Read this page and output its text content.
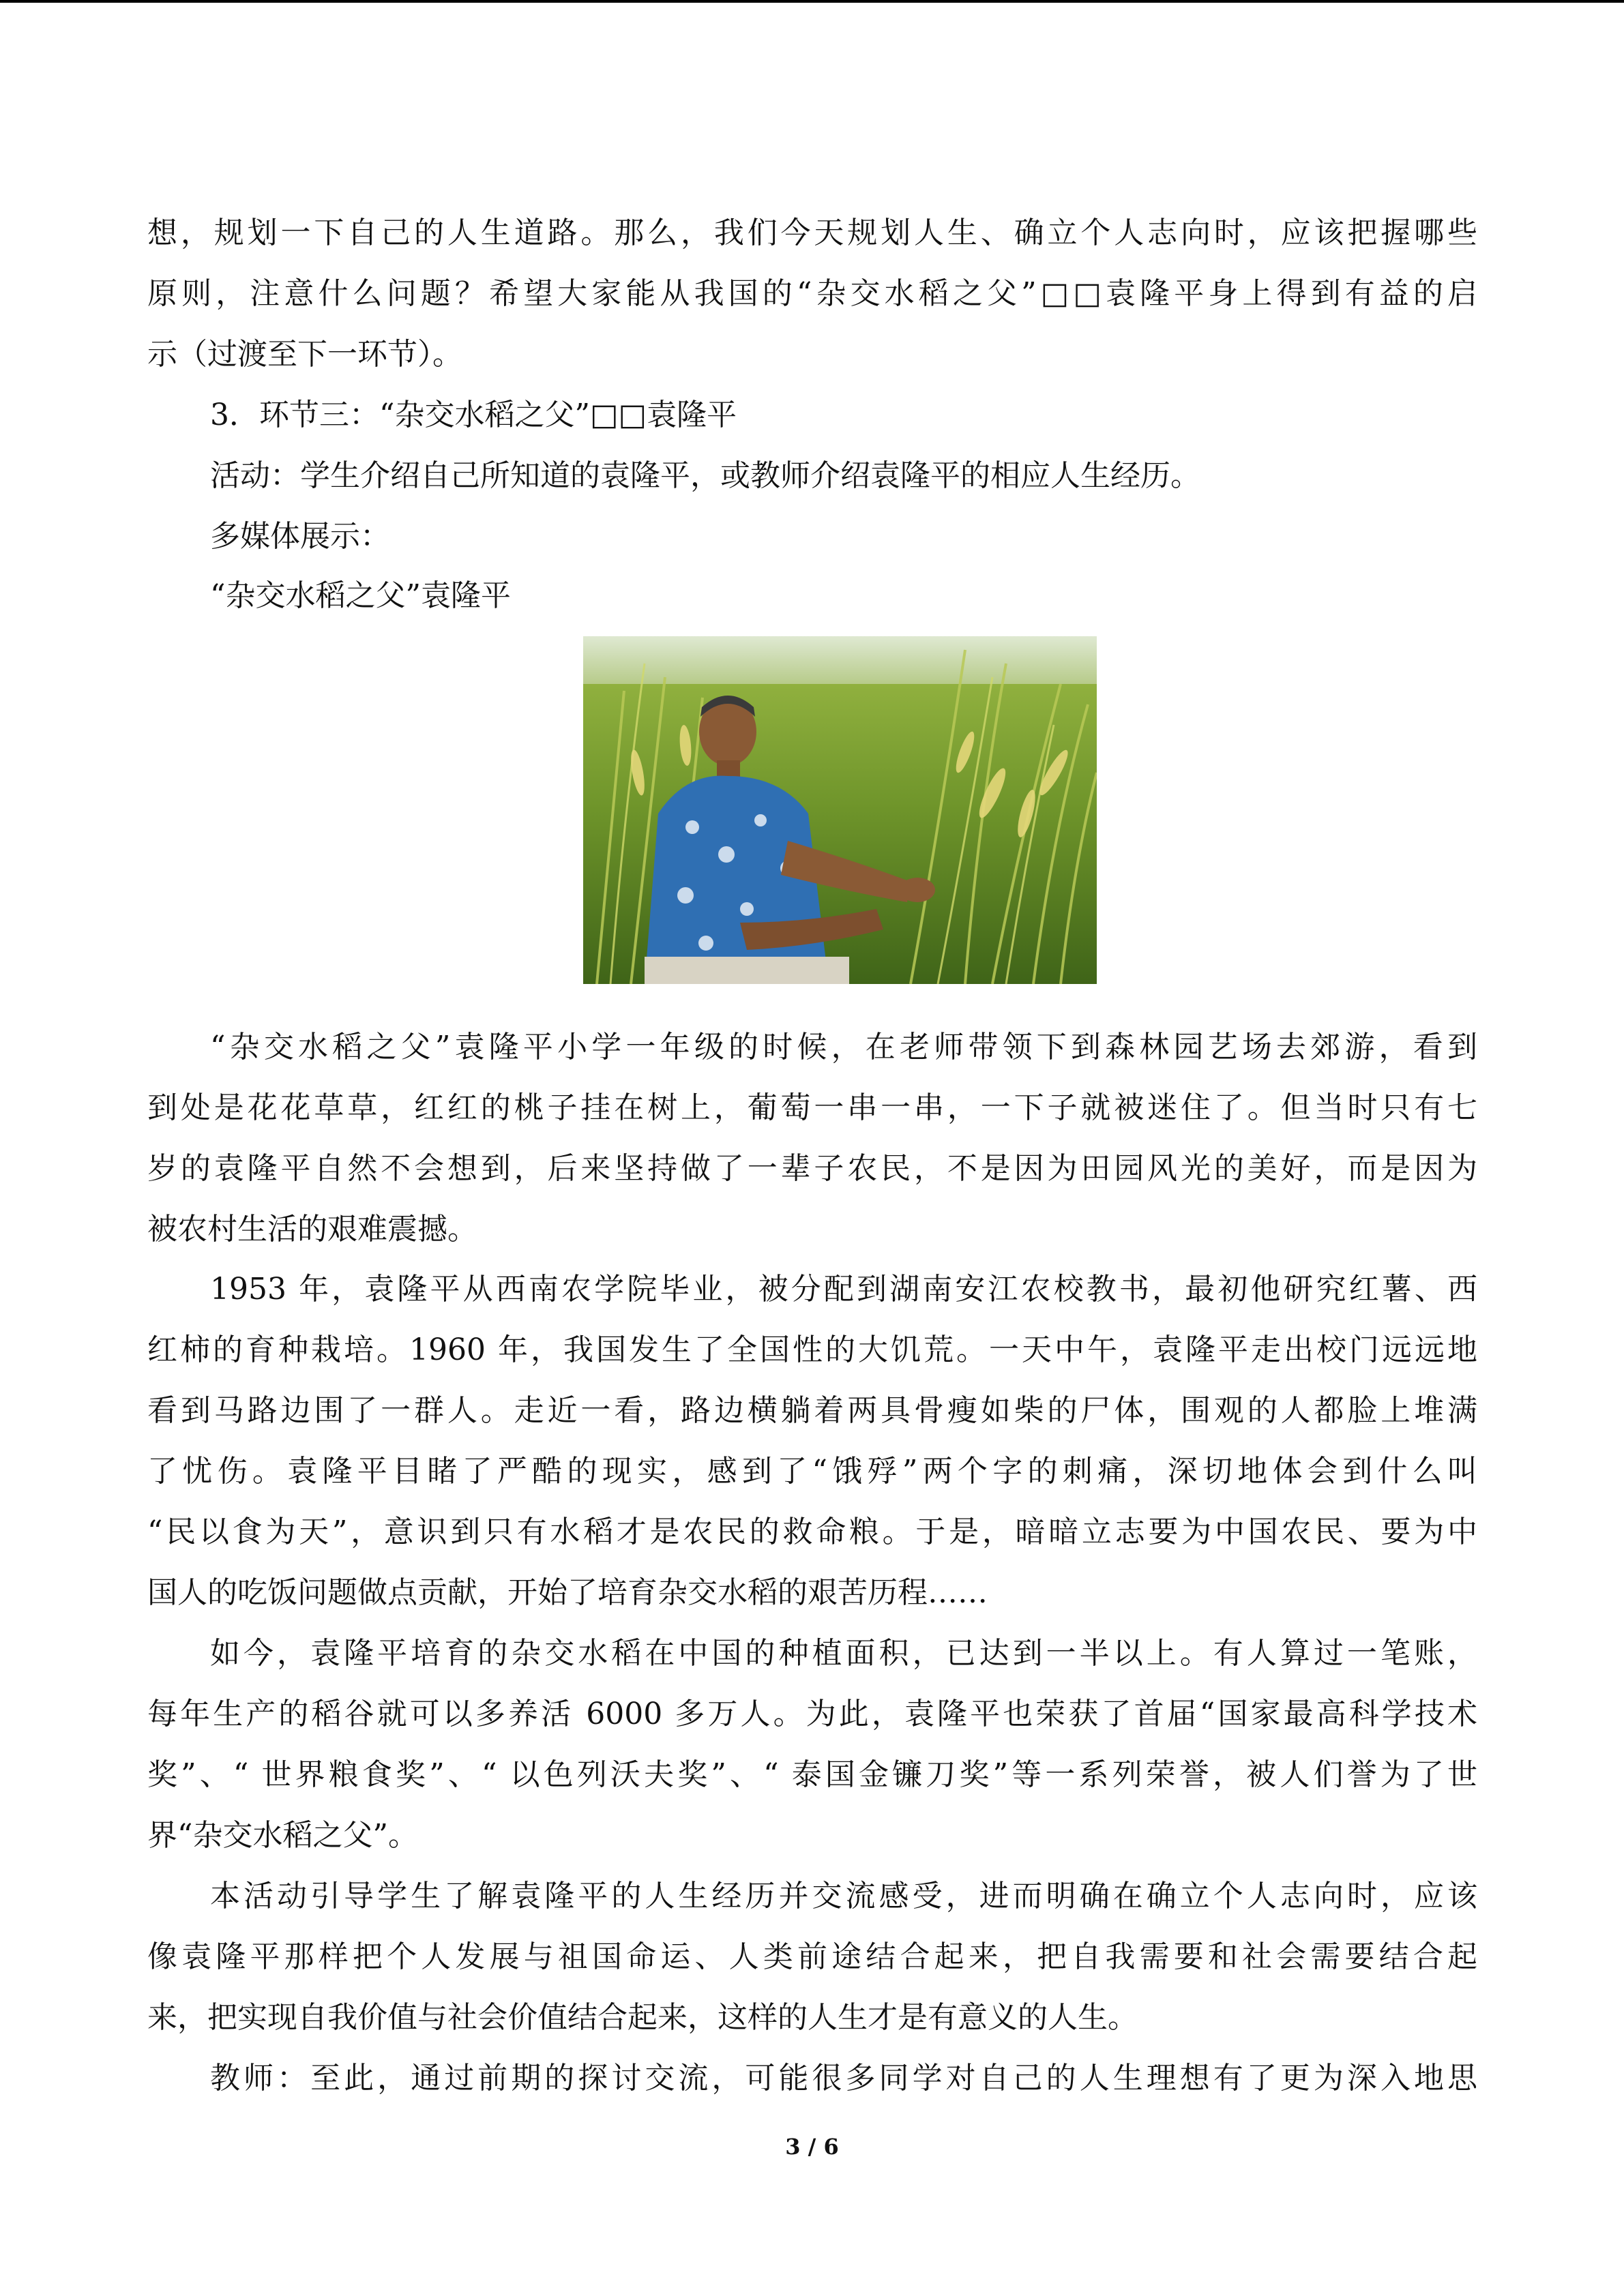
想，规划一下自己的人生道路。那么，我们今天规划人生、确立个人志向时，应该把握哪些
原则，注意什么问题？希望大家能从我国的“杂交水稻之父”□□袁隆平身上得到有益的启
示（过渡至下一环节）。
3．环节三：“杂交水稻之父”□□袁隆平
活动：学生介绍自己所知道的袁隆平，或教师介绍袁隆平的相应人生经历。
多媒体展示：
“杂交水稻之父”袁隆平
“杂交水稻之父”袁隆平小学一年级的时候，在老师带领下到森林园艺场去郊游，看到
到处是花花草草，红红的桃子挂在树上，葡萄一串一串，一下子就被迷住了。但当时只有七
岁的袁隆平自然不会想到，后来坚持做了一辈子农民，不是因为田园风光的美好，而是因为
被农村生活的艰难震撼。
1953 年，袁隆平从西南农学院毕业，被分配到湖南安江农校教书，最初他研究红薯、西
红柿的育种栽培。1960 年，我国发生了全国性的大饥荒。一天中午，袁隆平走出校门远远地
看到马路边围了一群人。走近一看，路边横躺着两具骨瘦如柴的尸体，围观的人都脸上堆满
了忧伤。袁隆平目睹了严酷的现实，感到了“饿殍”两个字的刺痛，深切地体会到什么叫
“民以食为天”，意识到只有水稻才是农民的救命粮。于是，暗暗立志要为中国农民、要为中
国人的吃饭问题做点贡献，开始了培育杂交水稻的艰苦历程……
如今，袁隆平培育的杂交水稻在中国的种植面积，已达到一半以上。有人算过一笔账，
每年生产的稻谷就可以多养活 6000 多万人。为此，袁隆平也荣获了首届“国家最高科学技术
奖”、“ 世界粮食奖”、“ 以色列沃夫奖”、“ 泰国金镰刀奖”等一系列荣誉，被人们誉为了世
界“杂交水稻之父”。
本活动引导学生了解袁隆平的人生经历并交流感受，进而明确在确立个人志向时，应该
像袁隆平那样把个人发展与祖国命运、人类前途结合起来，把自我需要和社会需要结合起
来，把实现自我价值与社会价值结合起来，这样的人生才是有意义的人生。
教师：至此，通过前期的探讨交流，可能很多同学对自己的人生理想有了更为深入地思
3 / 6
